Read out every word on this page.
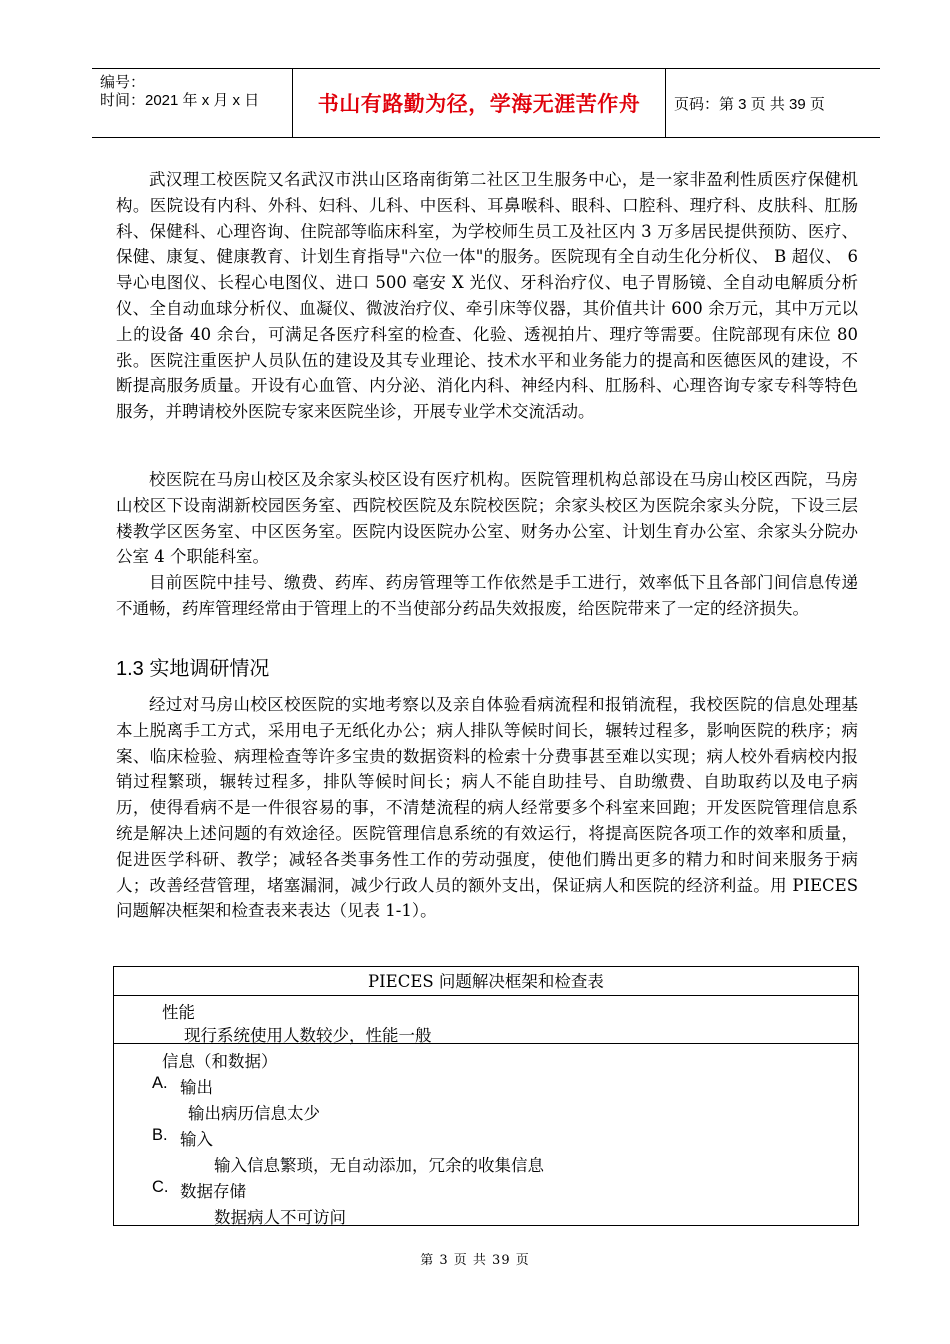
编号：
时间：2021 年 x 月 x 日	书山有路勤为径，学海无涯苦作舟	页码：第 3 页 共 39 页

武汉理工校医院又名武汉市洪山区珞南街第二社区卫生服务中心，是一家非盈利性质医疗保健机构。医院设有内科、外科、妇科、儿科、中医科、耳鼻喉科、眼科、口腔科、理疗科、皮肤科、肛肠科、保健科、心理咨询、住院部等临床科室，为学校师生员工及社区内 3 万多居民提供预防、医疗、保健、康复、健康教育、计划生育指导"六位一体"的服务。医院现有全自动生化分析仪、 B 超仪、 6 导心电图仪、长程心电图仪、进口 500 毫安 X 光仪、牙科治疗仪、电子胃肠镜、全自动电解质分析仪、全自动血球分析仪、血凝仪、微波治疗仪、牵引床等仪器，其价值共计 600 余万元，其中万元以上的设备 40 余台，可满足各医疗科室的检查、化验、透视拍片、理疗等需要。住院部现有床位 80 张。医院注重医护人员队伍的建设及其专业理论、技术水平和业务能力的提高和医德医风的建设，不断提高服务质量。开设有心血管、内分泌、消化内科、神经内科、肛肠科、心理咨询专家专科等特色服务，并聘请校外医院专家来医院坐诊，开展专业学术交流活动。

校医院在马房山校区及余家头校区设有医疗机构。医院管理机构总部设在马房山校区西院，马房山校区下设南湖新校园医务室、西院校医院及东院校医院；余家头校区为医院余家头分院，下设三层楼教学区医务室、中区医务室。医院内设医院办公室、财务办公室、计划生育办公室、余家头分院办公室 4 个职能科室。

目前医院中挂号、缴费、药库、药房管理等工作依然是手工进行，效率低下且各部门间信息传递不通畅，药库管理经常由于管理上的不当使部分药品失效报废，给医院带来了一定的经济损失。

1.3 实地调研情况

经过对马房山校区校医院的实地考察以及亲自体验看病流程和报销流程，我校医院的信息处理基本上脱离手工方式，采用电子无纸化办公；病人排队等候时间长，辗转过程多，影响医院的秩序；病案、临床检验、病理检查等许多宝贵的数据资料的检索十分费事甚至难以实现；病人校外看病校内报销过程繁琐，辗转过程多，排队等候时间长；病人不能自助挂号、自助缴费、自助取药以及电子病历，使得看病不是一件很容易的事，不清楚流程的病人经常要多个科室来回跑；开发医院管理信息系统是解决上述问题的有效途径。医院管理信息系统的有效运行，将提高医院各项工作的效率和质量，促进医学科研、教学；减轻各类事务性工作的劳动强度，使他们腾出更多的精力和时间来服务于病人；改善经营管理，堵塞漏洞，减少行政人员的额外支出，保证病人和医院的经济利益。用 PIECES 问题解决框架和检查表来表达（见表 1-1）。

PIECES 问题解决框架和检查表
性能
现行系统使用人数较少，性能一般
信息（和数据）
A. 输出
输出病历信息太少
B. 输入
输入信息繁琐，无自动添加，冗余的收集信息
C. 数据存储
数据病人不可访问
第 3 页 共 39 页
